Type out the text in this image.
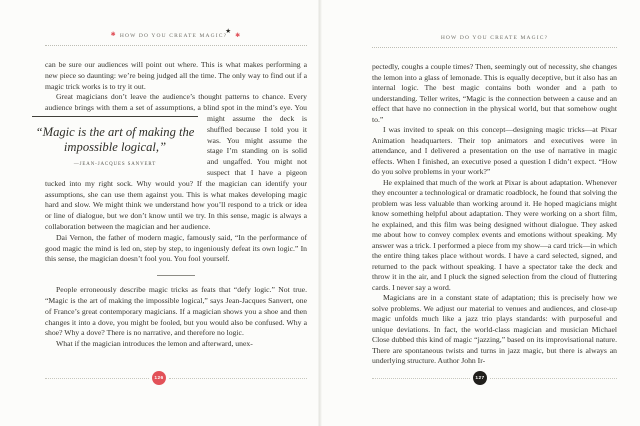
✱ HOW DO YOU CREATE MAGIC?★✱

can be sure our audiences will point out where. This is what makes performing a new piece so daunting: we’re being judged all the time. The only way to find out if a magic trick works is to try it out.

Great magicians don’t leave the audience’s thought patterns to chance. Every audience brings with them a set of assumptions, a blind
“Magic is the art of making the impossible logical,”
—JEAN-JACQUES SANVERT
spot in the mind’s eye. You might assume the deck is shuffled because I told you it was. You might assume the stage I’m standing on is solid and ungaffed. You might not suspect that I have a pigeon tucked into my right sock. Why would you? If the magician can identify your assumptions, she can use them against you. This is what makes developing magic hard and slow. We might think we understand how you’ll respond to a trick or idea or line of dialogue, but we don’t know until we try. In this sense, magic is always a collaboration between the magician and her audience.

Dai Vernon, the father of modern magic, famously said, “In the performance of good magic the mind is led on, step by step, to ingeniously defeat its own logic.” In this sense, the magician doesn’t fool you. You fool yourself.

People erroneously describe magic tricks as feats that “defy logic.” Not true. “Magic is the art of making the impossible logical,” says Jean-Jacques Sanvert, one of France’s great contemporary magicians. If a magician shows you a shoe and then changes it into a dove, you might be fooled, but you would also be confused. Why a shoe? Why a dove? There is no narrative, and therefore no logic.

What if the magician introduces the lemon and afterward, unex-

126
HOW DO YOU CREATE MAGIC?

pectedly, coughs a couple times? Then, seemingly out of necessity, she changes the lemon into a glass of lemonade. This is equally deceptive, but it also has an internal logic. The best magic contains both wonder and a path to understanding. Teller writes, “Magic is the connection between a cause and an effect that have no connection in the physical world, but that somehow ought to.”

I was invited to speak on this concept—designing magic tricks—at Pixar Animation headquarters. Their top animators and executives were in attendance, and I delivered a presentation on the use of narrative in magic effects. When I finished, an executive posed a question I didn’t expect. “How do you solve problems in your work?”

He explained that much of the work at Pixar is about adaptation. Whenever they encounter a technological or dramatic roadblock, he found that solving the problem was less valuable than working around it. He hoped magicians might know something helpful about adaptation. They were working on a short film, he explained, and this film was being designed without dialogue. They asked me about how to convey complex events and emotions without speaking. My answer was a trick. I performed a piece from my show—a card trick—in which the entire thing takes place without words. I have a card selected, signed, and returned to the pack without speaking. I have a spectator take the deck and throw it in the air, and I pluck the signed selection from the cloud of fluttering cards. I never say a word.

Magicians are in a constant state of adaptation; this is precisely how we solve problems. We adjust our material to venues and audiences, and close-up magic unfolds much like a jazz trio plays standards: with purposeful and unique deviations. In fact, the world-class magician and musician Michael Close dubbed this kind of magic “jazzing,” based on its improvisational nature. There are spontaneous twists and turns in jazz magic, but there is always an underlying structure. Author John Ir-

127
